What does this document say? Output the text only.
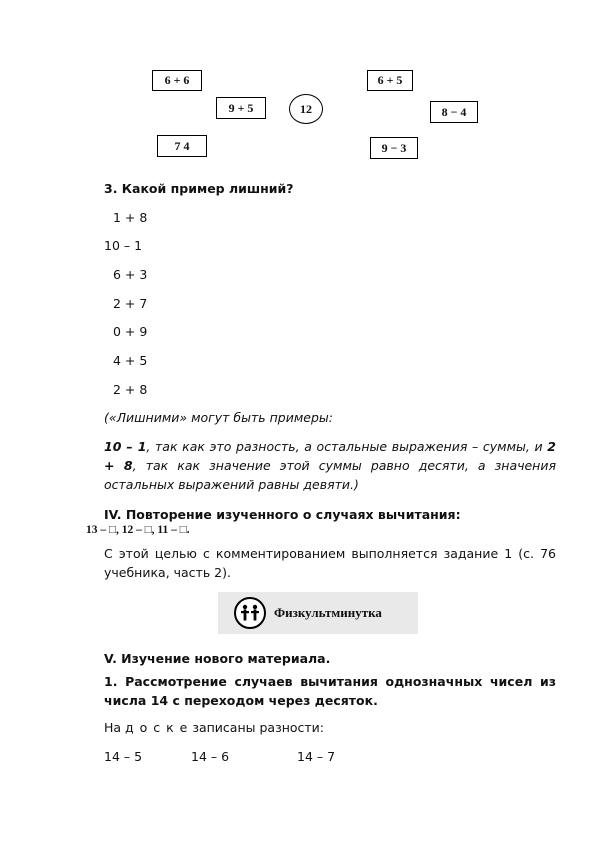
6 + 6
9 + 5
7 4
12
6 + 5
8 − 4
9 − 3
3. Какой пример лишний?
1 + 8
10 – 1
6 + 3
2 + 7
0 + 9
4 + 5
2 + 8
(«Лишними» могут быть примеры:
10 – 1, так как это разность, а остальные выражения – суммы, и 2 + 8, так как значение этой суммы равно десяти, а значения остальных выражений равны девяти.)
IV. Повторение изученного о случаях вычитания:
13 – □, 12 – □, 11 – □.
С этой целью с комментированием выполняется задание 1 (с. 76 учебника, часть 2).
Физкультминутка
V. Изучение нового материала.
1. Рассмотрение случаев вычитания однозначных чисел из числа 14 с переходом через десяток.
На д о с к е записаны разности:
14 – 5	14 – 6	14 – 7
